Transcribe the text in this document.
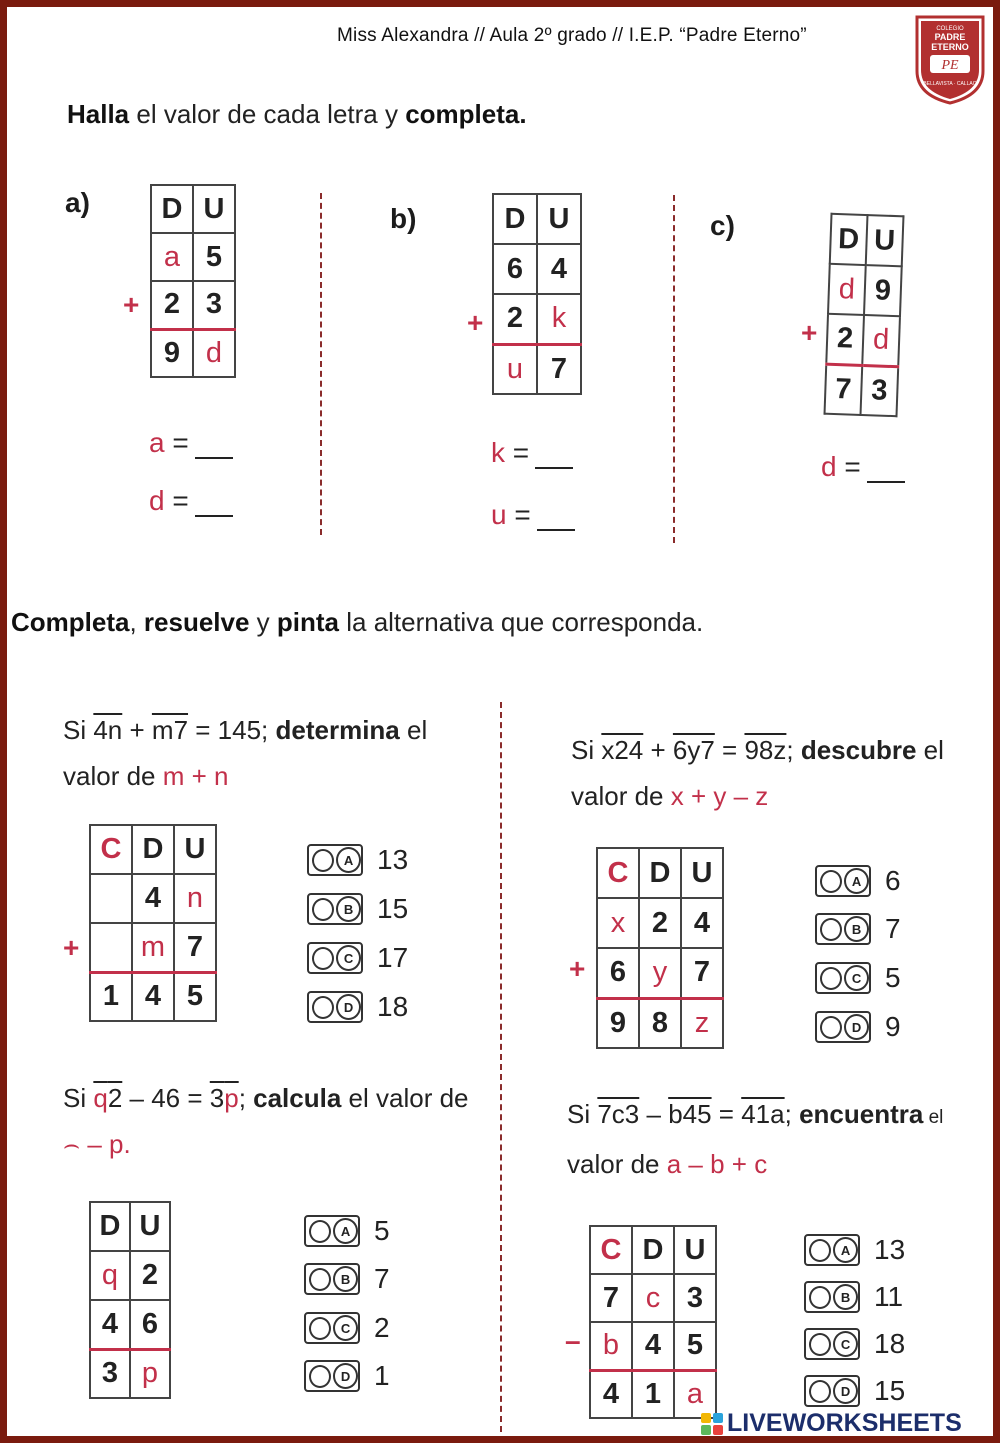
Miss Alexandra // Aula 2º grado // I.E.P. “Padre Eterno”	COLEGIO
PADRE
ETERNO
PE
BELLAVISTA · CALLAO
Halla el valor de cada letra y completa.
a) D	U
a	5
2	3
9	d
+
a =
d =
b)	D	U
6	4
2	k
u	7
+
k =
u =
c)	D	U
d	9
2	d
7	3
+
d =
Completa, resuelve y pinta la alternativa que corresponda.
Si 4n + m7 = 145; determina el
valor de m + n
C	D	U
	4	n
	m	7
1	4	5
+
A 13
B 15
C 17
D 18
Si x24 + 6y7 = 98z; descubre el
valor de x + y – z
C	D	U
x	2	4
6	y	7
9	8	z
+
A 6
B 7
C 5
D 9
Si q2 – 46 = 3p; calcula el valor de
⌢ – p.
D	U
q	2
4	6
3	p
A 5
B 7
C 2
D 1
Si 7c3 – b45 = 41a; encuentra el
valor de a – b + c
C	D	U
7	c	3
b	4	5
4	1	a
–
A 13
B 11
C 18
D 15
LIVEWORKSHEETS
